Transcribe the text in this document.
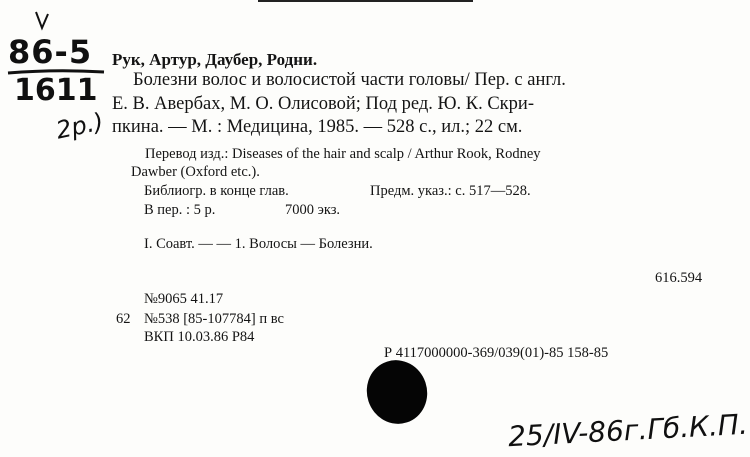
86-5
1611
2р.)
Рук, Артур, Даубер, Родни.
Болезни волос и волосистой части головы/ Пер. с англ.
Е. В. Авербах, М. О. Олисовой; Под ред. Ю. К. Скри-
пкина. — М. : Медицина, 1985. — 528 с., ил.; 22 см.
Перевод изд.: Diseases of the hair and scalp / Arthur Rook, Rodney
Dawber (Oxford etc.).
Библиогр. в конце глав.	Предм. указ.: с. 517—528.
В пер. : 5 р.	7000 экз.
I. Соавт. — — 1. Волосы — Болезни.
616.594
№9065 41.17
62 №538 [85-107784] п вс
ВКП 10.03.86 Р84
Р 4117000000-369/039(01)-85 158-85
25/IV-86г.Гб.К.П.
